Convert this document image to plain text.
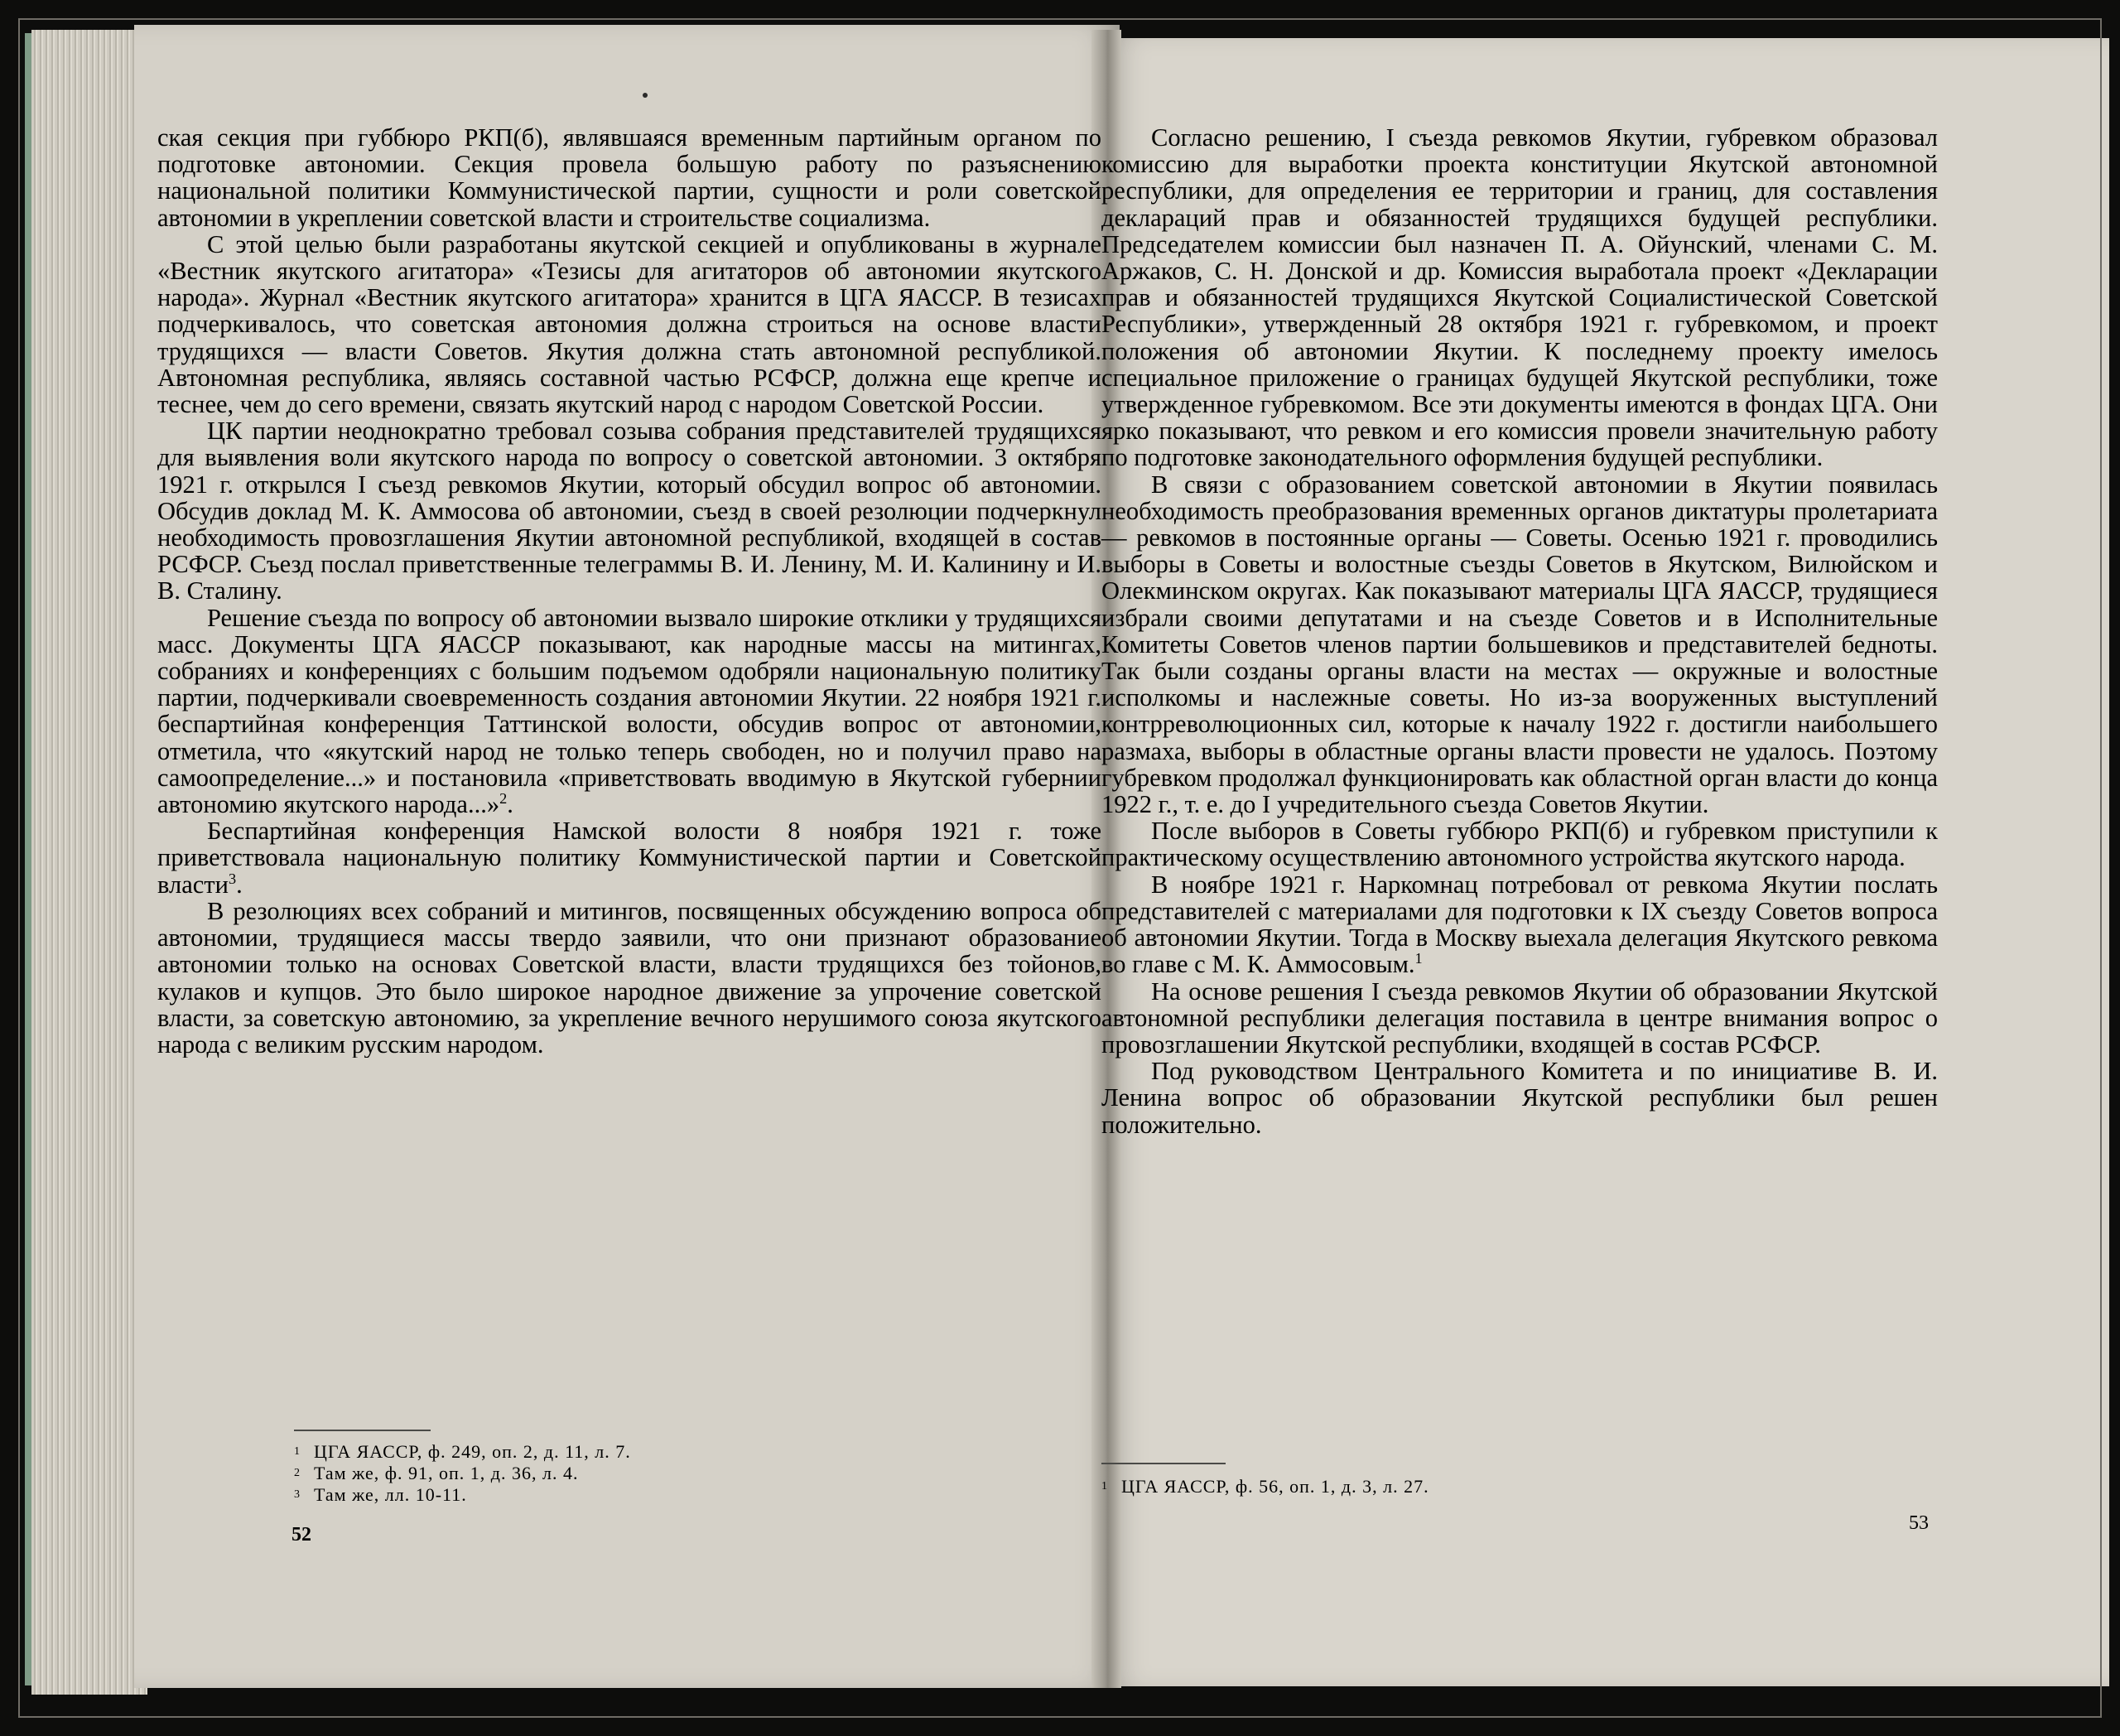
ская секция при губбюро РКП(б), являвшаяся временным партийным органом по подготовке автономии. Секция провела большую работу по разъяснению национальной политики Коммунистической партии, сущности и роли советской автономии в укреплении советской власти и строительстве социализма.

С этой целью были разработаны якутской секцией и опубликованы в журнале «Вестник якутского агитатора» «Тезисы для агитаторов об автономии якутского народа». Журнал «Вестник якутского агитатора» хранится в ЦГА ЯАССР. В тезисах подчеркивалось, что советская автономия должна строиться на основе власти трудящихся — власти Советов. Якутия должна стать автономной республикой. Автономная республика, являясь составной частью РСФСР, должна еще крепче и теснее, чем до сего времени, связать якутский народ с народом Советской России.

ЦК партии неоднократно требовал созыва собрания представителей трудящихся для выявления воли якутского народа по вопросу о советской автономии. 3 октября 1921 г. открылся I съезд ревкомов Якутии, который обсудил вопрос об автономии. Обсудив доклад М. К. Аммосова об автономии, съезд в своей резолюции подчеркнул необходимость провозглашения Якутии автономной республикой, входящей в состав РСФСР. Съезд послал приветственные телеграммы В. И. Ленину, М. И. Калинину и И. В. Сталину.

Решение съезда по вопросу об автономии вызвало широкие отклики у трудящихся масс. Документы ЦГА ЯАССР показывают, как народные массы на митингах, собраниях и конференциях с большим подъемом одобряли национальную политику партии, подчеркивали своевременность создания автономии Якутии. 22 ноября 1921 г. беспартийная конференция Таттинской волости, обсудив вопрос от автономии, отметила, что «якутский народ не только теперь свободен, но и получил право на самоопределение...» и постановила «приветствовать вводимую в Якутской губернии автономию якутского народа...»$^2$.

Беспартийная конференция Намской волости 8 ноября 1921 г. тоже приветствовала национальную политику Коммунистической партии и Советской власти$^3$.

В резолюциях всех собраний и митингов, посвященных обсуждению вопроса об автономии, трудящиеся массы твердо заявили, что они признают образование автономии только на основах Советской власти, власти трудящихся без тойонов, кулаков и купцов. Это было широкое народное движение за упрочение советской власти, за советскую автономию, за укрепление вечного нерушимого союза якутского народа с великим русским народом.

1 ЦГА ЯАССР, ф. 249, оп. 2, д. 11, л. 7.
2 Там же, ф. 91, оп. 1, д. 36, л. 4.
3 Там же, лл. 10-11.
52

Согласно решению, I съезда ревкомов Якутии, губревком образовал комиссию для выработки проекта конституции Якутской автономной республики, для определения ее территории и границ, для составления деклараций прав и обязанностей трудящихся будущей республики. Председателем комиссии был назначен П. А. Ойунский, членами С. М. Аржаков, С. Н. Донской и др. Комиссия выработала проект «Декларации прав и обязанностей трудящихся Якутской Социалистической Советской Республики», утвержденный 28 октября 1921 г. губревкомом, и проект положения об автономии Якутии. К последнему проекту имелось специальное приложение о границах будущей Якутской республики, тоже утвержденное губревкомом. Все эти документы имеются в фондах ЦГА. Они ярко показывают, что ревком и его комиссия провели значительную работу по подготовке законодательного оформления будущей республики.

В связи с образованием советской автономии в Якутии появилась необходимость преобразования временных органов диктатуры пролетариата — ревкомов в постоянные органы — Советы. Осенью 1921 г. проводились выборы в Советы и волостные съезды Советов в Якутском, Вилюйском и Олекминском округах. Как показывают материалы ЦГА ЯАССР, трудящиеся избрали своими депутатами и на съезде Советов и в Исполнительные Комитеты Советов членов партии большевиков и представителей бедноты. Так были созданы органы власти на местах — окружные и волостные исполкомы и наслежные советы. Но из-за вооруженных выступлений контрреволюционных сил, которые к началу 1922 г. достигли наибольшего размаха, выборы в областные органы власти провести не удалось. Поэтому губревком продолжал функционировать как областной орган власти до конца 1922 г., т. е. до I учредительного съезда Советов Якутии.

После выборов в Советы губбюро РКП(б) и губревком приступили к практическому осуществлению автономного устройства якутского народа.

В ноябре 1921 г. Наркомнац потребовал от ревкома Якутии послать представителей с материалами для подготовки к IX съезду Советов вопроса об автономии Якутии. Тогда в Москву выехала делегация Якутского ревкома во главе с М. К. Аммосовым.$^1$

На основе решения I съезда ревкомов Якутии об образовании Якутской автономной республики делегация поставила в центре внимания вопрос о провозглашении Якутской республики, входящей в состав РСФСР.

Под руководством Центрального Комитета и по инициативе В. И. Ленина вопрос об образовании Якутской республики был решен положительно.

1 ЦГА ЯАССР, ф. 56, оп. 1, д. 3, л. 27.
53
